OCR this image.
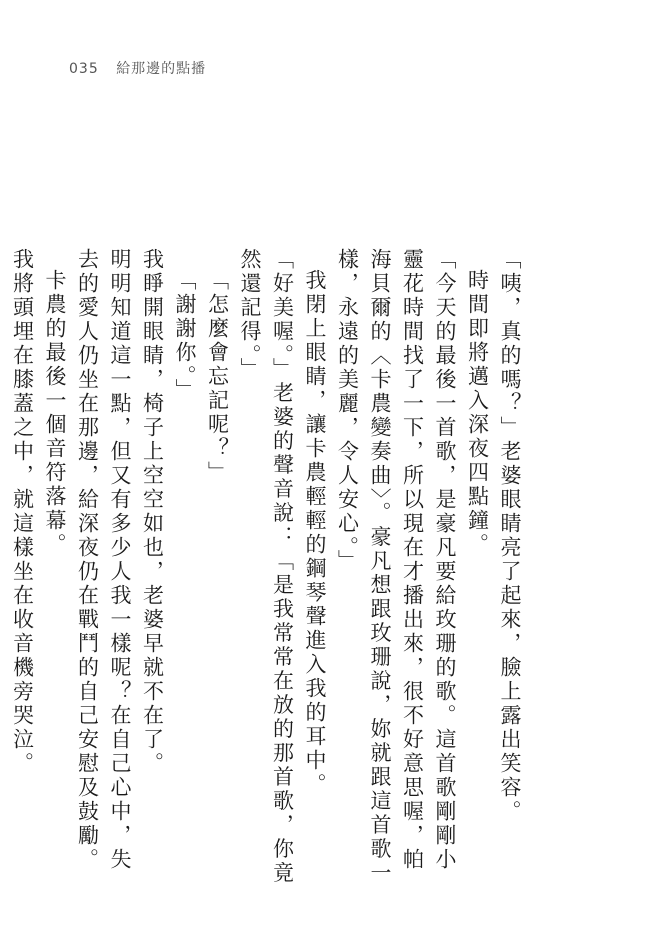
035 給那邊的點播

「咦，真的嗎？」老婆眼睛亮了起來，臉上露出笑容。

時間即將邁入深夜四點鐘。

「今天的最後一首歌，是豪凡要給玫珊的歌。這首歌剛剛小靈花時間找了一下，所以現在才播出來，很不好意思喔，帕海貝爾的〈卡農變奏曲〉。豪凡想跟玫珊說，妳就跟這首歌一樣，永遠的美麗，令人安心。」

我閉上眼睛，讓卡農輕輕的鋼琴聲進入我的耳中。

「好美喔。」老婆的聲音說：「是我常常在放的那首歌，你竟然還記得。」

「怎麼會忘記呢？」

「謝謝你。」

我睜開眼睛，椅子上空空如也，老婆早就不在了。

明明知道這一點，但又有多少人我一樣呢？在自己心中，失去的愛人仍坐在那邊，給深夜仍在戰鬥的自己安慰及鼓勵。

卡農的最後一個音符落幕。

我將頭埋在膝蓋之中，就這樣坐在收音機旁哭泣。
